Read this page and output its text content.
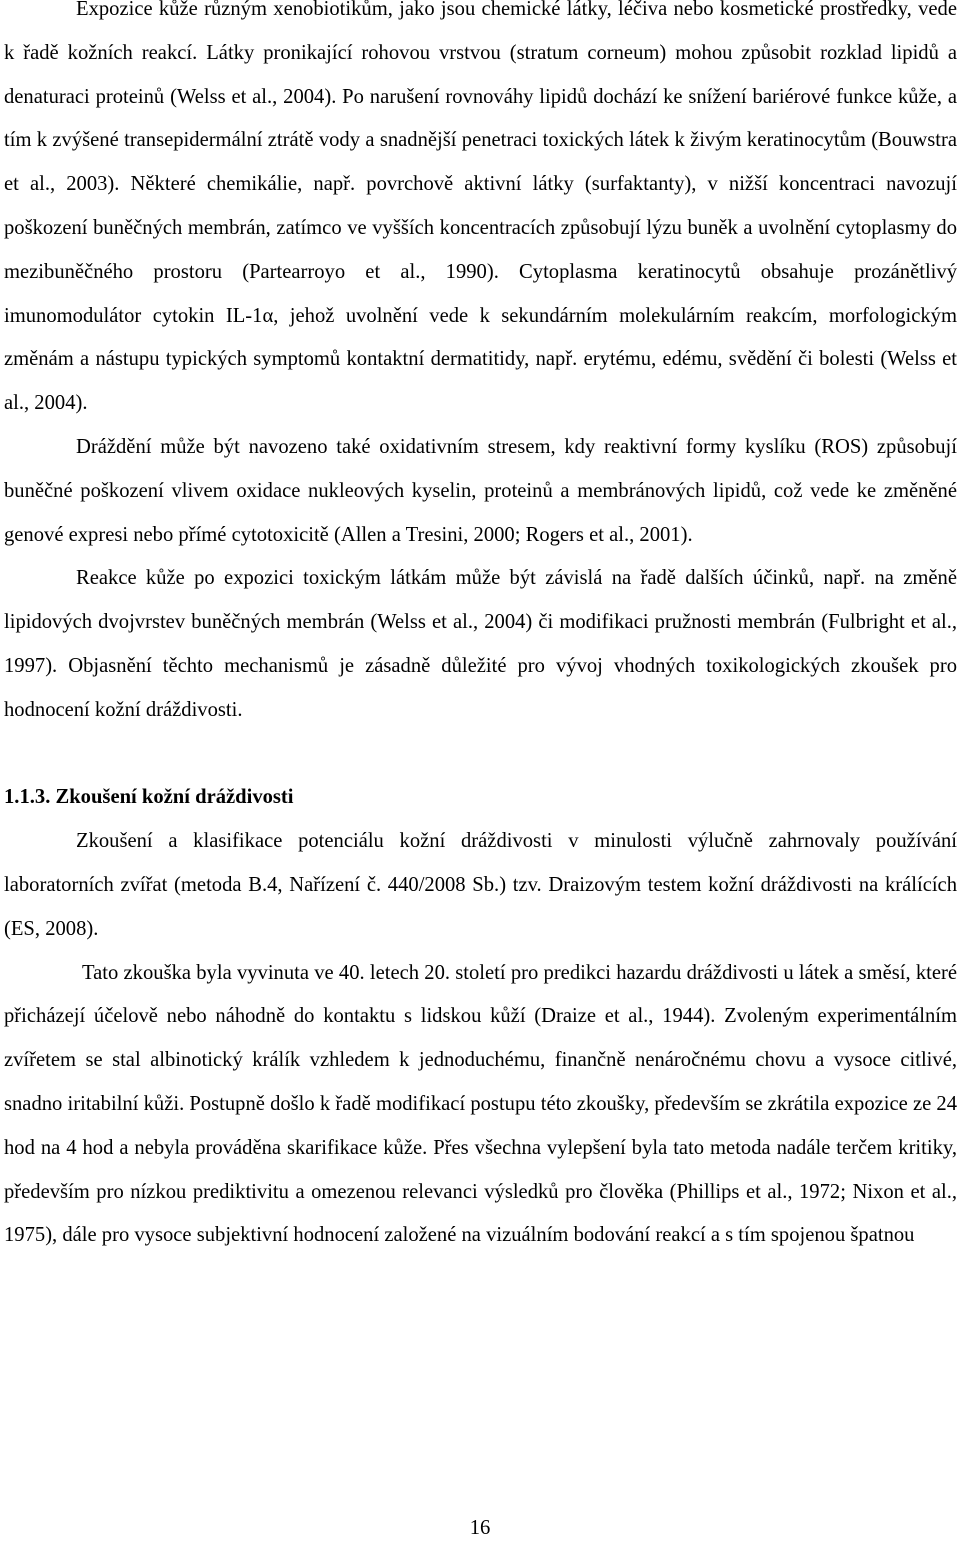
Expozice kůže různým xenobiotikům, jako jsou chemické látky, léčiva nebo kosmetické prostředky, vede k řadě kožních reakcí. Látky pronikající rohovou vrstvou (stratum corneum) mohou způsobit rozklad lipidů a denaturaci proteinů (Welss et al., 2004). Po narušení rovnováhy lipidů dochází ke snížení bariérové funkce kůže, a tím k zvýšené transepidermální ztrátě vody a snadnější penetraci toxických látek k živým keratinocytům (Bouwstra et al., 2003). Některé chemikálie, např. povrchově aktivní látky (surfaktanty), v nižší koncentraci navozují poškození buněčných membrán, zatímco ve vyšších koncentracích způsobují lýzu buněk a uvolnění cytoplasmy do mezibuněčného prostoru (Partearroyo et al., 1990). Cytoplasma keratinocytů obsahuje prozánětlivý imunomodulátor cytokin IL-1α, jehož uvolnění vede k sekundárním molekulárním reakcím, morfologickým změnám a nástupu typických symptomů kontaktní dermatitidy, např. erytému, edému, svědění či bolesti (Welss et al., 2004).

Dráždění může být navozeno také oxidativním stresem, kdy reaktivní formy kyslíku (ROS) způsobují buněčné poškození vlivem oxidace nukleových kyselin, proteinů a membránových lipidů, což vede ke změněné genové expresi nebo přímé cytotoxicitě (Allen a Tresini, 2000; Rogers et al., 2001).

Reakce kůže po expozici toxickým látkám může být závislá na řadě dalších účinků, např. na změně lipidových dvojvrstev buněčných membrán (Welss et al., 2004) či modifikaci pružnosti membrán (Fulbright et al., 1997). Objasnění těchto mechanismů je zásadně důležité pro vývoj vhodných toxikologických zkoušek pro hodnocení kožní dráždivosti.

1.1.3. Zkoušení kožní dráždivosti

Zkoušení a klasifikace potenciálu kožní dráždivosti v minulosti výlučně zahrnovaly používání laboratorních zvířat (metoda B.4, Nařízení č. 440/2008 Sb.) tzv. Draizovým testem kožní dráždivosti na králících (ES, 2008).

Tato zkouška byla vyvinuta ve 40. letech 20. století pro predikci hazardu dráždivosti u látek a směsí, které přicházejí účelově nebo náhodně do kontaktu s lidskou kůží (Draize et al., 1944). Zvoleným experimentálním zvířetem se stal albinotický králík vzhledem k jednoduchému, finančně nenáročnému chovu a vysoce citlivé, snadno iritabilní kůži. Postupně došlo k řadě modifikací postupu této zkoušky, především se zkrátila expozice ze 24 hod na 4 hod a nebyla prováděna skarifikace kůže. Přes všechna vylepšení byla tato metoda nadále terčem kritiky, především pro nízkou prediktivitu a omezenou relevanci výsledků pro člověka (Phillips et al., 1972; Nixon et al., 1975), dále pro vysoce subjektivní hodnocení založené na vizuálním bodování reakcí a s tím spojenou špatnou

16
